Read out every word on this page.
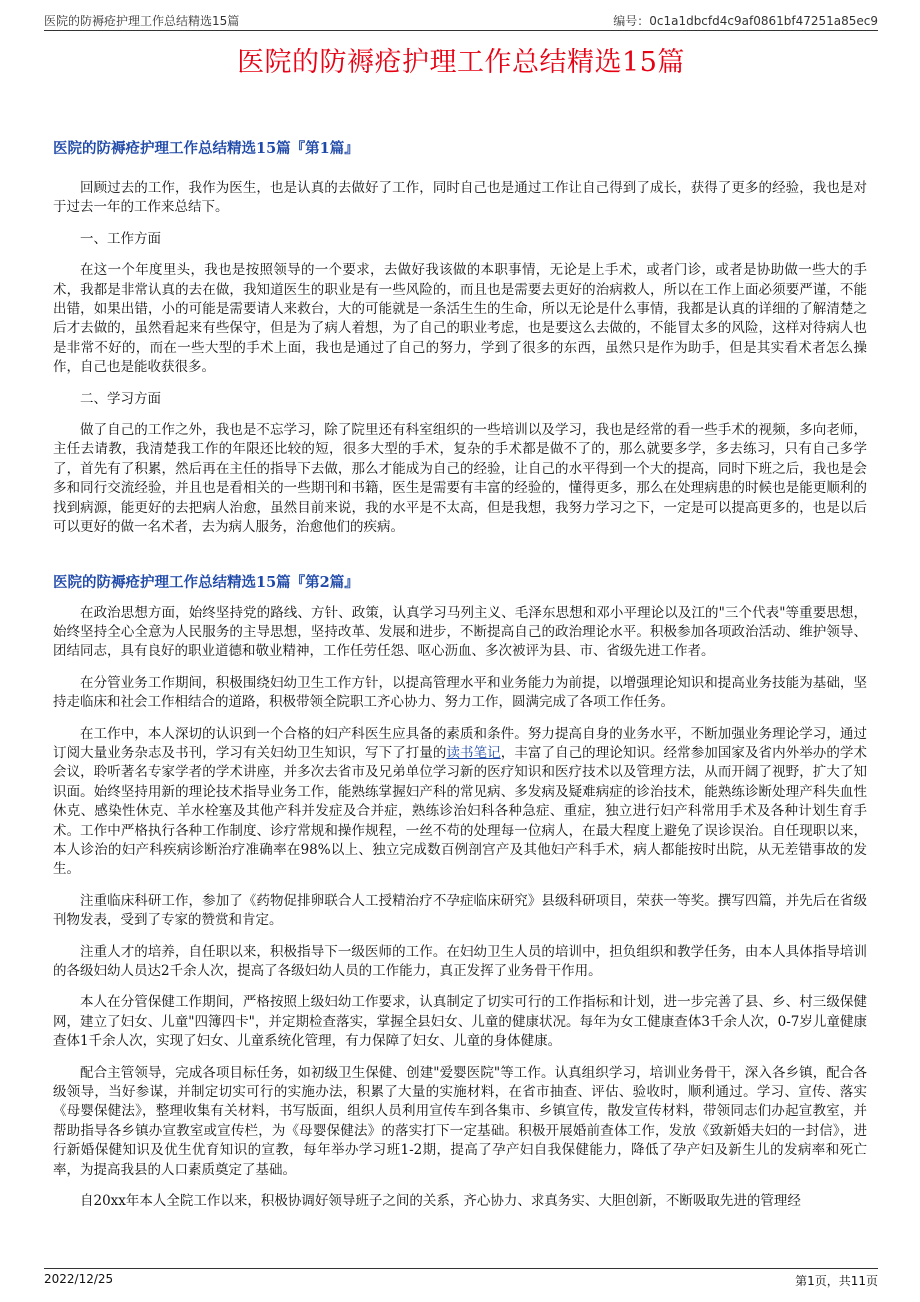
医院的防褥疮护理工作总结精选15篇	编号：0c1a1dbcfd4c9af0861bf47251a85ec9
医院的防褥疮护理工作总结精选15篇
医院的防褥疮护理工作总结精选15篇『第1篇』

回顾过去的工作，我作为医生，也是认真的去做好了工作，同时自己也是通过工作让自己得到了成长，获得了更多的经验，我也是对于过去一年的工作来总结下。

一、工作方面

在这一个年度里头，我也是按照领导的一个要求，去做好我该做的本职事情，无论是上手术，或者门诊，或者是协助做一些大的手术，我都是非常认真的去在做，我知道医生的职业是有一些风险的，而且也是需要去更好的治病救人，所以在工作上面必须要严谨，不能出错，如果出错，小的可能是需要请人来救台，大的可能就是一条活生生的生命，所以无论是什么事情，我都是认真的详细的了解清楚之后才去做的，虽然看起来有些保守，但是为了病人着想，为了自己的职业考虑，也是要这么去做的，不能冒太多的风险，这样对待病人也是非常不好的，而在一些大型的手术上面，我也是通过了自己的努力，学到了很多的东西，虽然只是作为助手，但是其实看术者怎么操作，自己也是能收获很多。

二、学习方面

做了自己的工作之外，我也是不忘学习，除了院里还有科室组织的一些培训以及学习，我也是经常的看一些手术的视频，多向老师，主任去请教，我清楚我工作的年限还比较的短，很多大型的手术，复杂的手术都是做不了的，那么就要多学，多去练习，只有自己多学了，首先有了积累，然后再在主任的指导下去做，那么才能成为自己的经验，让自己的水平得到一个大的提高，同时下班之后，我也是会多和同行交流经验，并且也是看相关的一些期刊和书籍，医生是需要有丰富的经验的，懂得更多，那么在处理病患的时候也是能更顺利的找到病源，能更好的去把病人治愈，虽然目前来说，我的水平是不太高，但是我想，我努力学习之下，一定是可以提高更多的，也是以后可以更好的做一名术者，去为病人服务，治愈他们的疾病。

医院的防褥疮护理工作总结精选15篇『第2篇』

在政治思想方面，始终坚持党的路线、方针、政策，认真学习马列主义、毛泽东思想和邓小平理论以及江的"三个代表"等重要思想，始终坚持全心全意为人民服务的主导思想，坚持改革、发展和进步，不断提高自己的政治理论水平。积极参加各项政治活动、维护领导、团结同志，具有良好的职业道德和敬业精神，工作任劳任怨、呕心沥血、多次被评为县、市、省级先进工作者。

在分管业务工作期间，积极围绕妇幼卫生工作方针，以提高管理水平和业务能力为前提，以增强理论知识和提高业务技能为基础，坚持走临床和社会工作相结合的道路，积极带领全院职工齐心协力、努力工作，圆满完成了各项工作任务。

在工作中，本人深切的认识到一个合格的妇产科医生应具备的素质和条件。努力提高自身的业务水平，不断加强业务理论学习，通过订阅大量业务杂志及书刊，学习有关妇幼卫生知识，写下了打量的读书笔记，丰富了自己的理论知识。经常参加国家及省内外举办的学术会议，聆听著名专家学者的学术讲座，并多次去省市及兄弟单位学习新的医疗知识和医疗技术以及管理方法，从而开阔了视野，扩大了知识面。始终坚持用新的理论技术指导业务工作，能熟练掌握妇产科的常见病、多发病及疑难病症的诊治技术，能熟练诊断处理产科失血性休克、感染性休克、羊水栓塞及其他产科并发症及合并症，熟练诊治妇科各种急症、重症，独立进行妇产科常用手术及各种计划生育手术。工作中严格执行各种工作制度、诊疗常规和操作规程，一丝不苟的处理每一位病人，在最大程度上避免了误诊误治。自任现职以来，本人诊治的妇产科疾病诊断治疗准确率在98%以上、独立完成数百例剖宫产及其他妇产科手术，病人都能按时出院，从无差错事故的发生。

注重临床科研工作，参加了《药物促排卵联合人工授精治疗不孕症临床研究》县级科研项目，荣获一等奖。撰写四篇，并先后在省级刊物发表，受到了专家的赞赏和肯定。

注重人才的培养，自任职以来，积极指导下一级医师的工作。在妇幼卫生人员的培训中，担负组织和教学任务，由本人具体指导培训的各级妇幼人员达2千余人次，提高了各级妇幼人员的工作能力，真正发挥了业务骨干作用。

本人在分管保健工作期间，严格按照上级妇幼工作要求，认真制定了切实可行的工作指标和计划，进一步完善了县、乡、村三级保健网，建立了妇女、儿童"四簿四卡"，并定期检查落实，掌握全县妇女、儿童的健康状况。每年为女工健康查体3千余人次，0-7岁儿童健康查体1千余人次，实现了妇女、儿童系统化管理，有力保障了妇女、儿童的身体健康。

配合主管领导，完成各项目标任务，如初级卫生保健、创建"爱婴医院"等工作。认真组织学习，培训业务骨干，深入各乡镇，配合各级领导，当好参谋，并制定切实可行的实施办法，积累了大量的实施材料，在省市抽查、评估、验收时，顺利通过。学习、宣传、落实《母婴保健法》，整理收集有关材料，书写版面，组织人员利用宣传车到各集市、乡镇宣传，散发宣传材料，带领同志们办起宣教室，并帮助指导各乡镇办宣教室或宣传栏，为《母婴保健法》的落实打下一定基础。积极开展婚前查体工作，发放《致新婚夫妇的一封信》，进行新婚保健知识及优生优育知识的宣教，每年举办学习班1-2期，提高了孕产妇自我保健能力，降低了孕产妇及新生儿的发病率和死亡率，为提高我县的人口素质奠定了基础。

自20xx年本人全院工作以来，积极协调好领导班子之间的关系，齐心协力、求真务实、大胆创新，不断吸取先进的管理经

2022/12/25	第1页，共11页
